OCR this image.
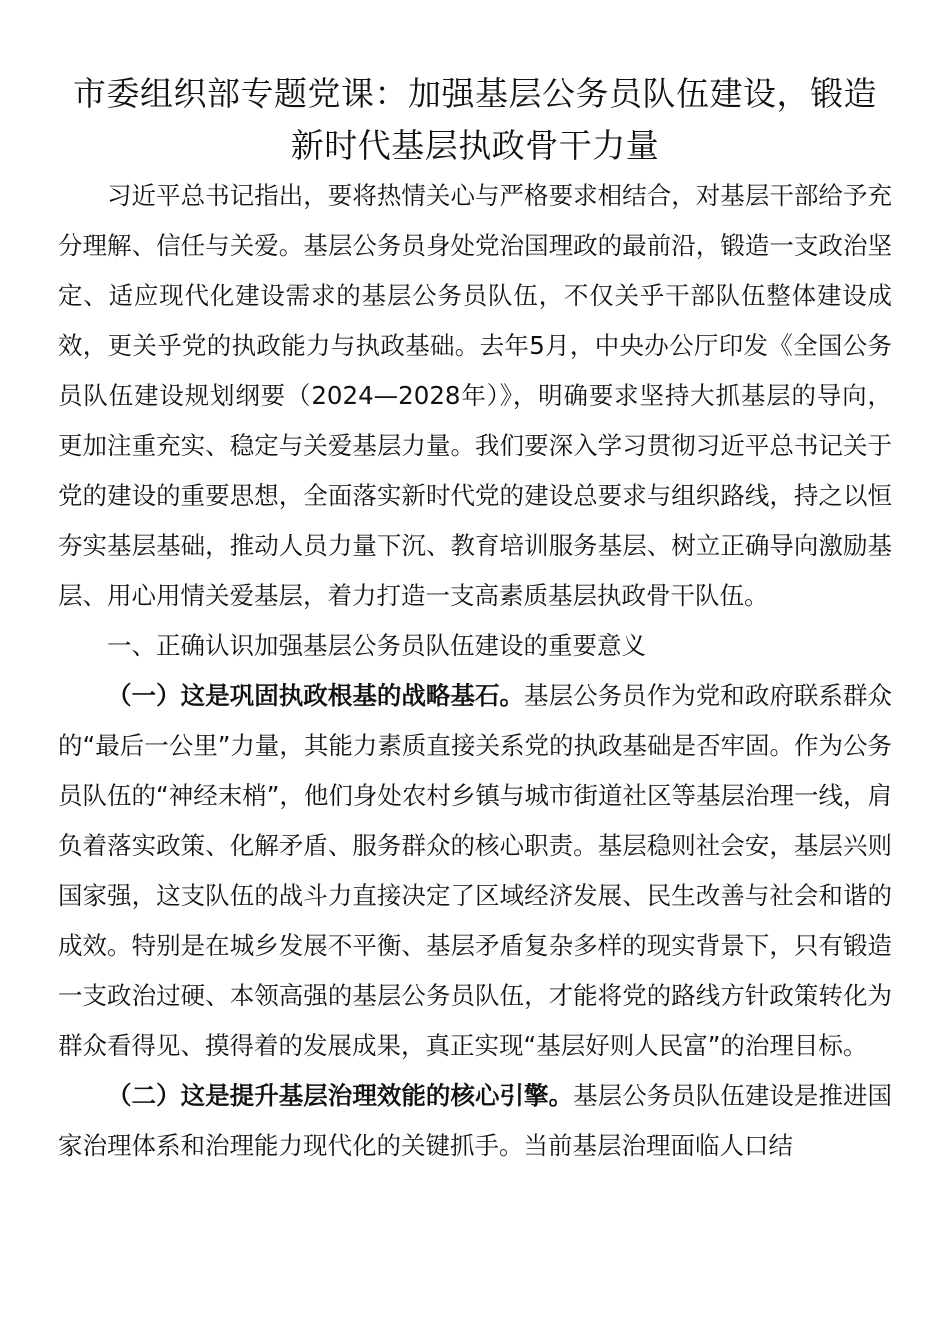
市委组织部专题党课：加强基层公务员队伍建设，锻造新时代基层执政骨干力量

习近平总书记指出，要将热情关心与严格要求相结合，对基层干部给予充分理解、信任与关爱。基层公务员身处党治国理政的最前沿，锻造一支政治坚定、适应现代化建设需求的基层公务员队伍，不仅关乎干部队伍整体建设成效，更关乎党的执政能力与执政基础。去年5月，中央办公厅印发《全国公务员队伍建设规划纲要（2024—2028年）》，明确要求坚持大抓基层的导向，更加注重充实、稳定与关爱基层力量。我们要深入学习贯彻习近平总书记关于党的建设的重要思想，全面落实新时代党的建设总要求与组织路线，持之以恒夯实基层基础，推动人员力量下沉、教育培训服务基层、树立正确导向激励基层、用心用情关爱基层，着力打造一支高素质基层执政骨干队伍。

一、正确认识加强基层公务员队伍建设的重要意义

（一）这是巩固执政根基的战略基石。基层公务员作为党和政府联系群众的“最后一公里”力量，其能力素质直接关系党的执政基础是否牢固。作为公务员队伍的“神经末梢”，他们身处农村乡镇与城市街道社区等基层治理一线，肩负着落实政策、化解矛盾、服务群众的核心职责。基层稳则社会安，基层兴则国家强，这支队伍的战斗力直接决定了区域经济发展、民生改善与社会和谐的成效。特别是在城乡发展不平衡、基层矛盾复杂多样的现实背景下，只有锻造一支政治过硬、本领高强的基层公务员队伍，才能将党的路线方针政策转化为群众看得见、摸得着的发展成果，真正实现“基层好则人民富”的治理目标。

（二）这是提升基层治理效能的核心引擎。基层公务员队伍建设是推进国家治理体系和治理能力现代化的关键抓手。当前基层治理面临人口结
